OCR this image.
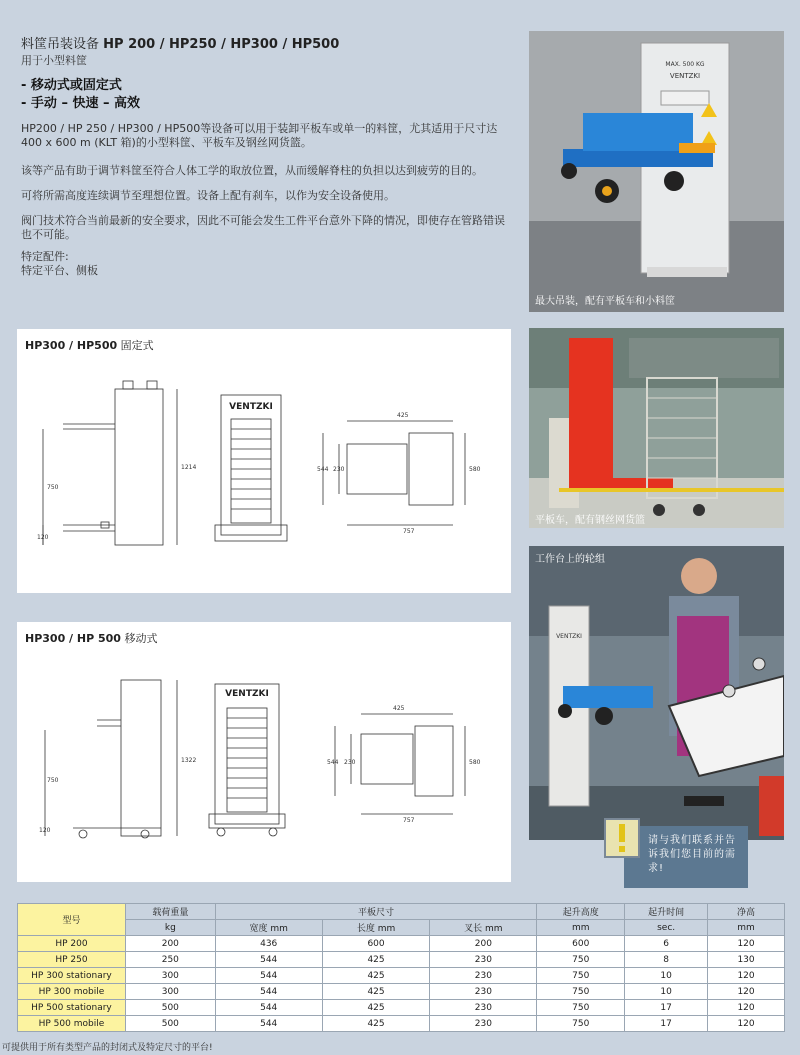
料筐吊装设备 HP 200 / HP250 / HP300 / HP500
用于小型料筐
- 移动式或固定式
- 手动 – 快速 – 高效
HP200 / HP 250 / HP300 / HP500等设备可以用于装卸平板车或单一的料筐，尤其适用于尺寸达400 x 600 m (KLT 箱)的小型料筐、平板车及钢丝网货篮。
该等产品有助于调节料筐至符合人体工学的取放位置，从而缓解脊柱的负担以达到疲劳的目的。
可将所需高度连续调节至理想位置。设备上配有刹车，以作为安全设备使用。
阀门技术符合当前最新的安全要求，因此不可能会发生工件平台意外下降的情况，即使存在管路错误也不可能。
特定配件:
特定平台、侧板
MAX. 500 KG
VENTZKI
最大吊装，配有平板车和小料筐
平板车，配有钢丝网货篮
VENTZKI
工作台上的轮组
请与我们联系并告诉我们您目前的需求!
HP300 / HP500 固定式
750
1214
120
VENTZKI
425
544 230	580
757
HP300 / HP 500 移动式
750
1322
120
VENTZKI
425
544 230	580
757
型号	载荷重量	平板尺寸			起升高度	起升时间	净高
	kg	宽度 mm	长度 mm	叉长 mm	mm	sec.	mm
HP 200	200	436	600	200	600	6	120
HP 250	250	544	425	230	750	8	130
HP 300 stationary	300	544	425	230	750	10	120
HP 300 mobile	300	544	425	230	750	10	120
HP 500 stationary	500	544	425	230	750	17	120
HP 500 mobile	500	544	425	230	750	17	120
可提供用于所有类型产品的封闭式及特定尺寸的平台!
